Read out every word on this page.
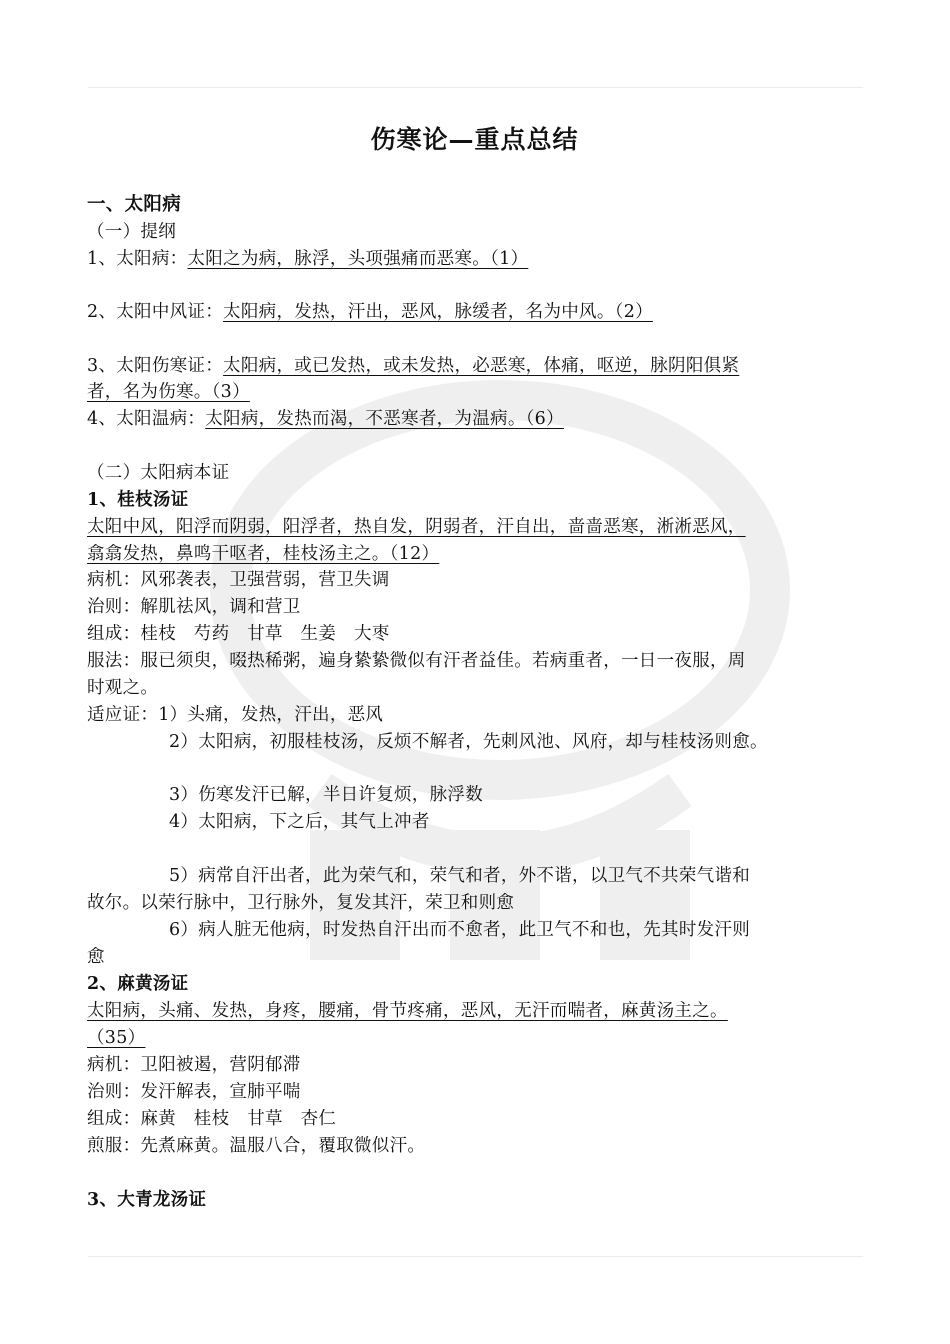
伤寒论—重点总结
一、太阳病
（一）提纲
1、太阳病：太阳之为病，脉浮，头项强痛而恶寒。（1）
2、太阳中风证：太阳病，发热，汗出，恶风，脉缓者，名为中风。（2）
3、太阳伤寒证：太阳病，或已发热，或未发热，必恶寒，体痛，呕逆，脉阴阳俱紧
者，名为伤寒。（3）
4、太阳温病：太阳病，发热而渴，不恶寒者，为温病。（6）
（二）太阳病本证
1、桂枝汤证
太阳中风，阳浮而阴弱，阳浮者，热自发，阴弱者，汗自出，啬啬恶寒，淅淅恶风，
翕翕发热，鼻鸣干呕者，桂枝汤主之。（12）
病机：风邪袭表，卫强营弱，营卫失调
治则：解肌祛风，调和营卫
组成：桂枝　芍药　甘草　生姜　大枣
服法：服已须臾，啜热稀粥，遍身絷絷微似有汗者益佳。若病重者，一日一夜服，周
时观之。
适应证：1）头痛，发热，汗出，恶风
2）太阳病，初服桂枝汤，反烦不解者，先刺风池、风府，却与桂枝汤则愈。
3）伤寒发汗已解，半日许复烦，脉浮数
4）太阳病，下之后，其气上冲者
5）病常自汗出者，此为荣气和，荣气和者，外不谐，以卫气不共荣气谐和
故尔。以荣行脉中，卫行脉外，复发其汗，荣卫和则愈
6）病人脏无他病，时发热自汗出而不愈者，此卫气不和也，先其时发汗则
愈
2、麻黄汤证
太阳病，头痛、发热，身疼，腰痛，骨节疼痛，恶风，无汗而喘者，麻黄汤主之。
（35）
病机：卫阳被遏，营阴郁滞
治则：发汗解表，宣肺平喘
组成：麻黄　桂枝　甘草　杏仁
煎服：先煮麻黄。温服八合，覆取微似汗。
3、大青龙汤证
